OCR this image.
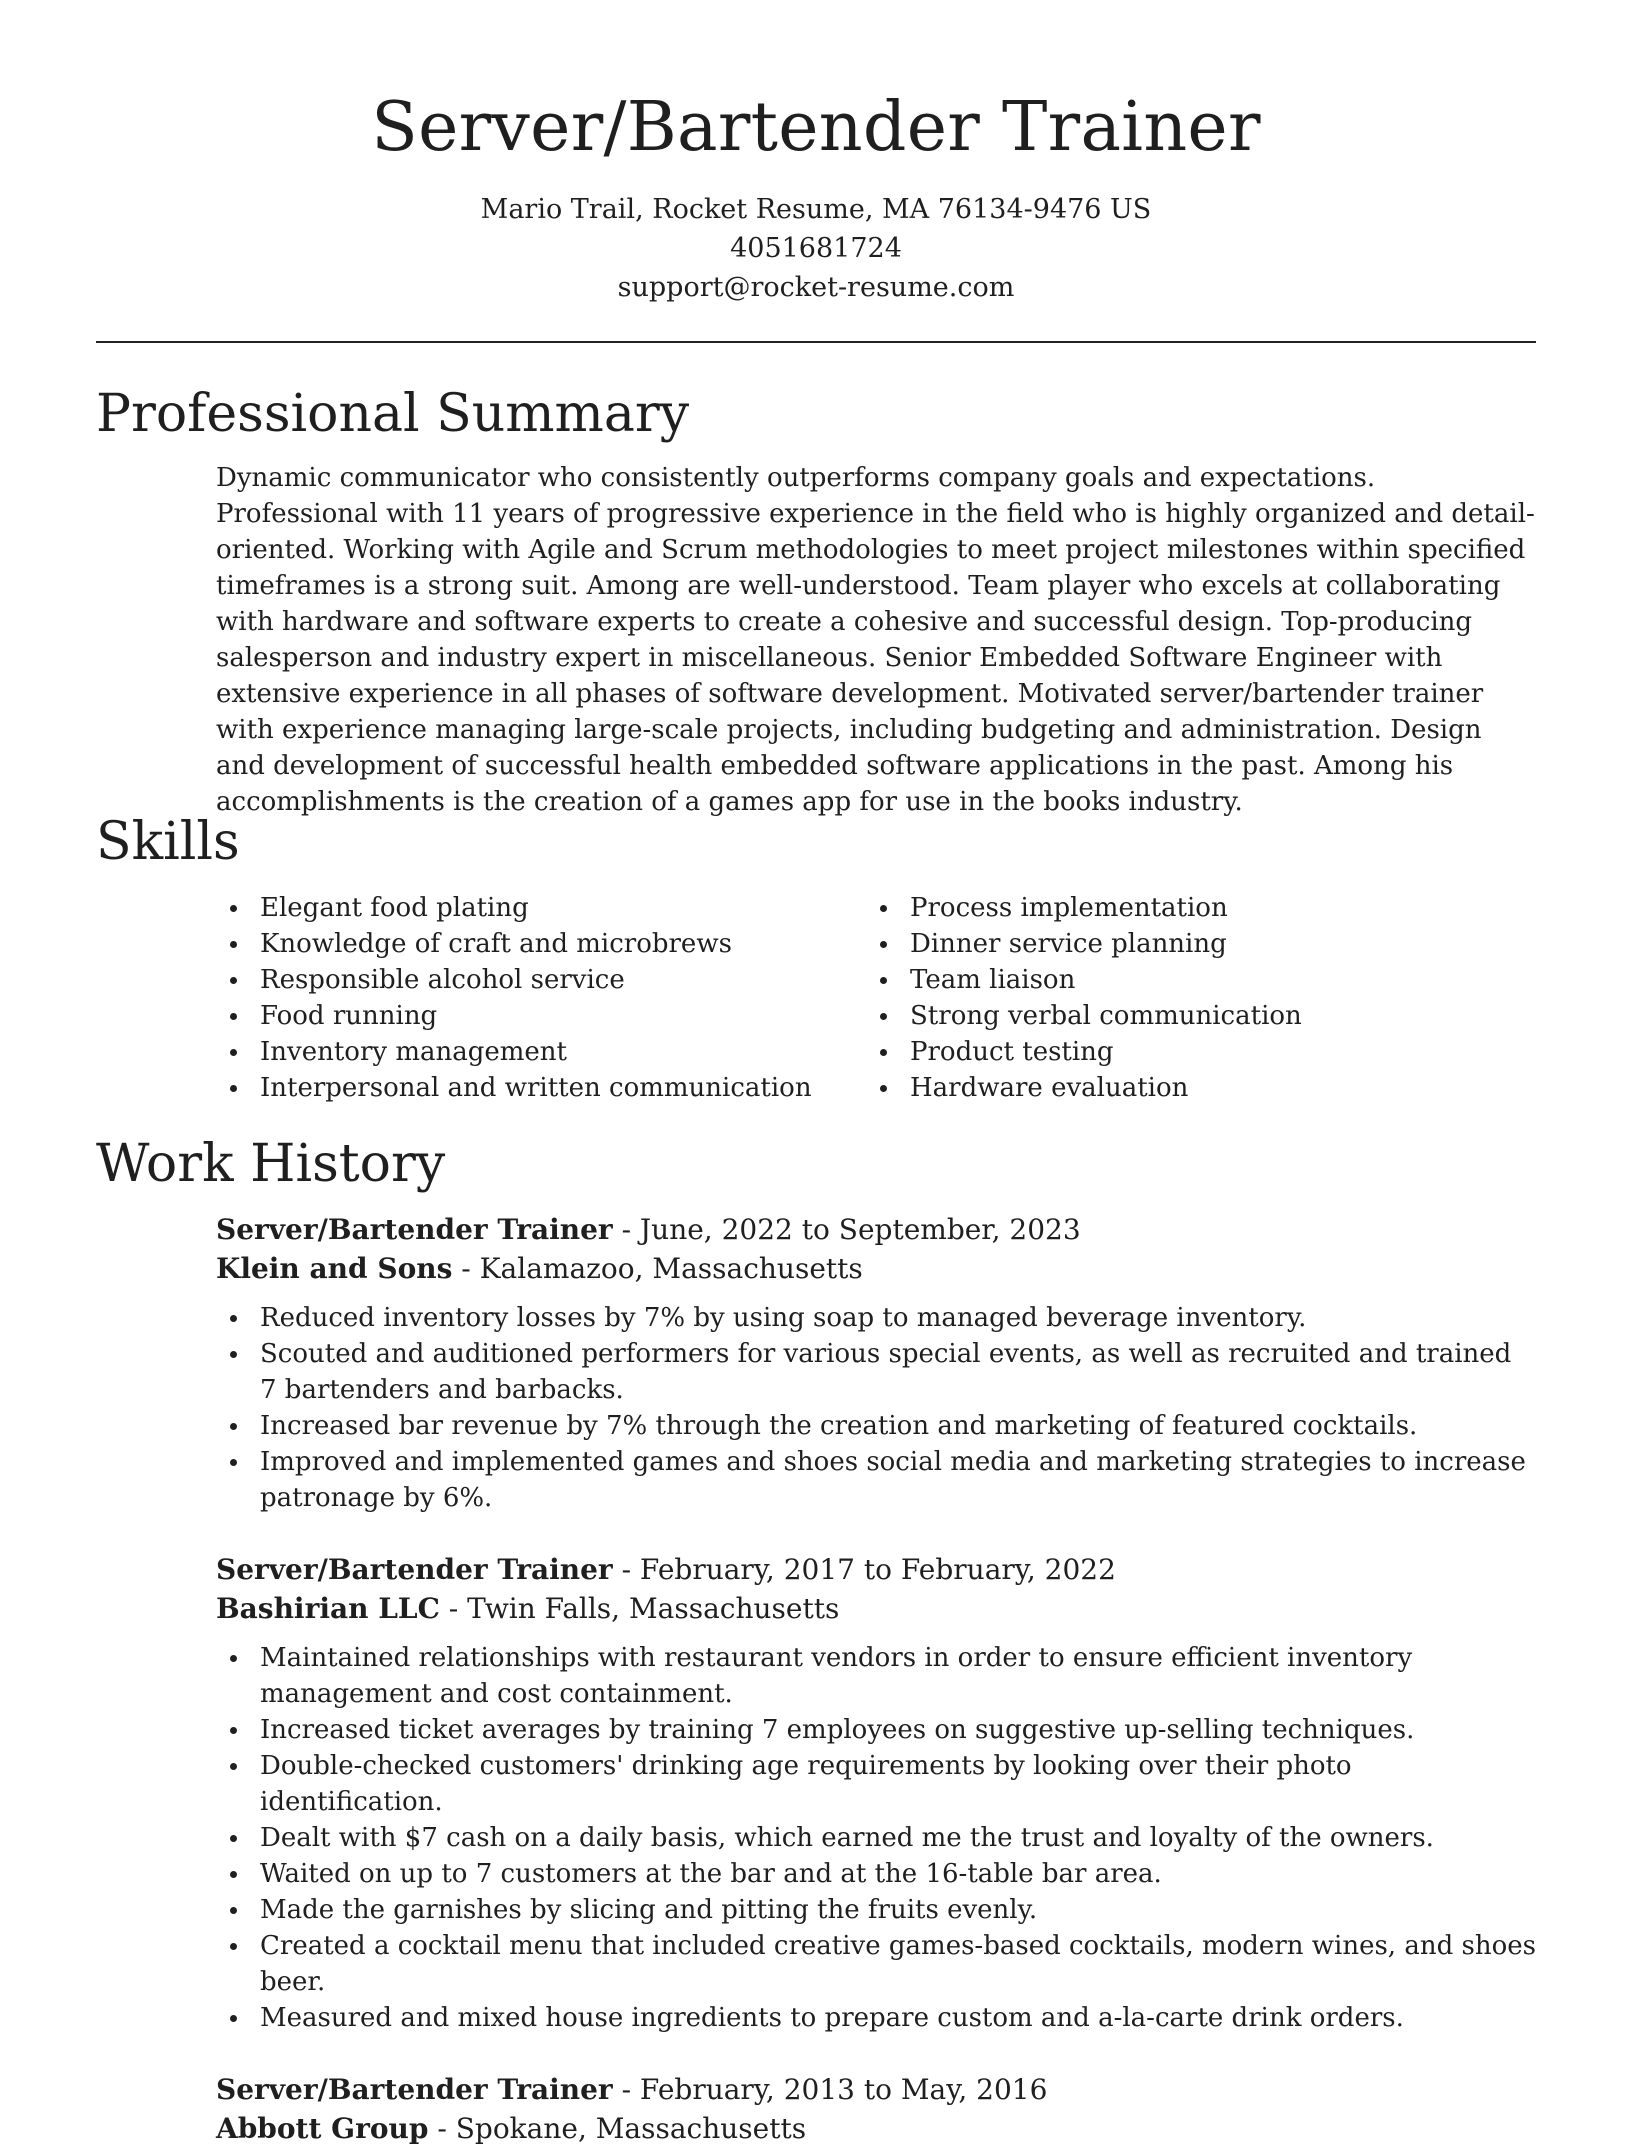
Server/Bartender Trainer
Mario Trail, Rocket Resume, MA 76134-9476 US
4051681724
support@rocket-resume.com
Professional Summary
Dynamic communicator who consistently outperforms company goals and expectations. Professional with 11 years of progressive experience in the field who is highly organized and detail-oriented. Working with Agile and Scrum methodologies to meet project milestones within specified timeframes is a strong suit. Among are well-understood. Team player who excels at collaborating with hardware and software experts to create a cohesive and successful design. Top-producing salesperson and industry expert in miscellaneous. Senior Embedded Software Engineer with extensive experience in all phases of software development. Motivated server/bartender trainer with experience managing large-scale projects, including budgeting and administration. Design and development of successful health embedded software applications in the past. Among his accomplishments is the creation of a games app for use in the books industry.
Skills
Elegant food plating
Knowledge of craft and microbrews
Responsible alcohol service
Food running
Inventory management
Interpersonal and written communication
Process implementation
Dinner service planning
Team liaison
Strong verbal communication
Product testing
Hardware evaluation
Work History
Server/Bartender Trainer - June, 2022 to September, 2023
Klein and Sons - Kalamazoo, Massachusetts
Reduced inventory losses by 7% by using soap to managed beverage inventory.
Scouted and auditioned performers for various special events, as well as recruited and trained 7 bartenders and barbacks.
Increased bar revenue by 7% through the creation and marketing of featured cocktails.
Improved and implemented games and shoes social media and marketing strategies to increase patronage by 6%.
Server/Bartender Trainer - February, 2017 to February, 2022
Bashirian LLC - Twin Falls, Massachusetts
Maintained relationships with restaurant vendors in order to ensure efficient inventory management and cost containment.
Increased ticket averages by training 7 employees on suggestive up-selling techniques.
Double-checked customers' drinking age requirements by looking over their photo identification.
Dealt with $7 cash on a daily basis, which earned me the trust and loyalty of the owners.
Waited on up to 7 customers at the bar and at the 16-table bar area.
Made the garnishes by slicing and pitting the fruits evenly.
Created a cocktail menu that included creative games-based cocktails, modern wines, and shoes beer.
Measured and mixed house ingredients to prepare custom and a-la-carte drink orders.
Server/Bartender Trainer - February, 2013 to May, 2016
Abbott Group - Spokane, Massachusetts
